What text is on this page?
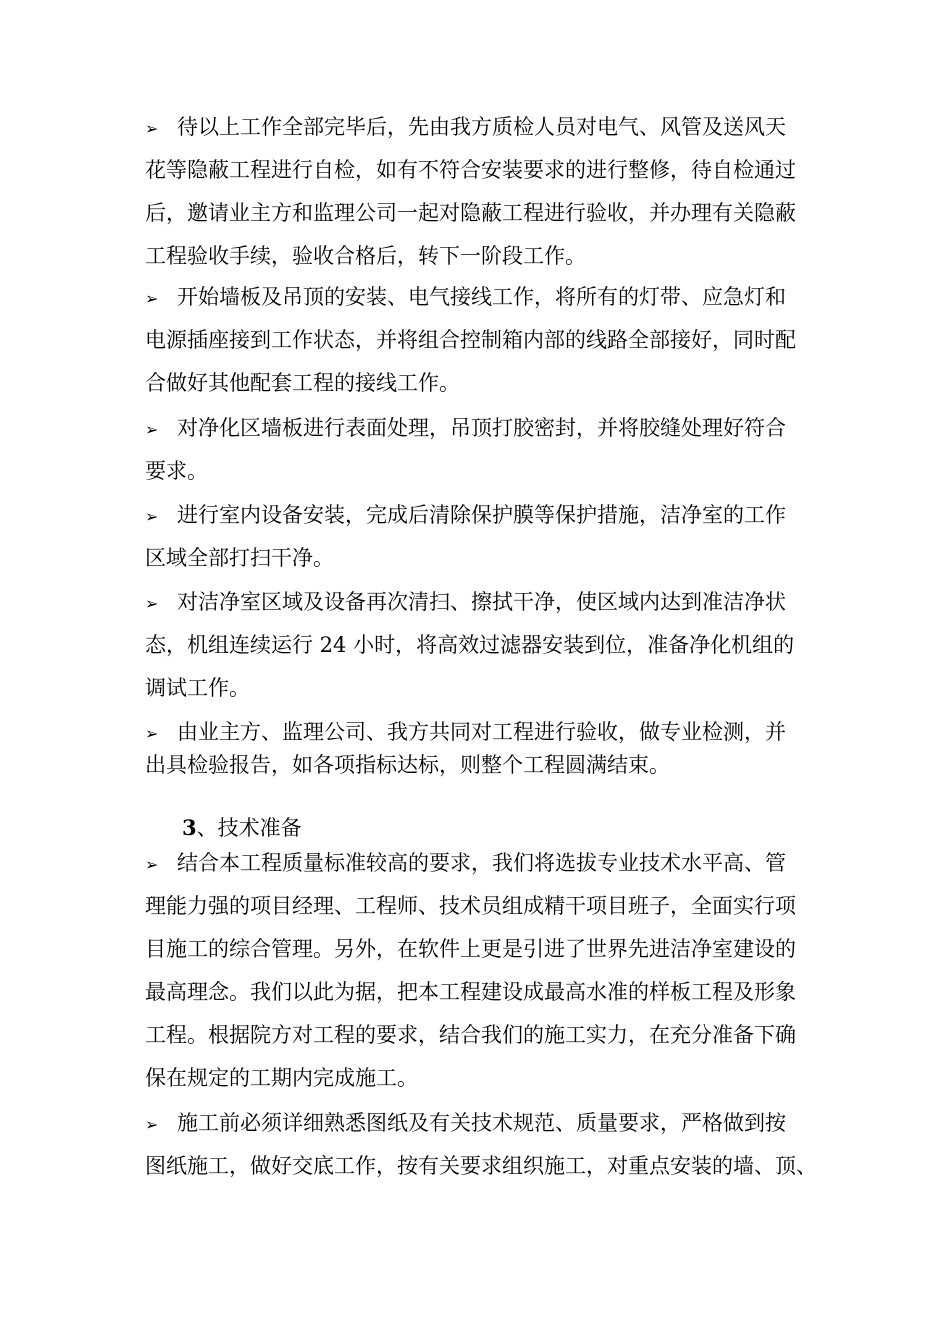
➢ 待以上工作全部完毕后，先由我方质检人员对电气、风管及送风天
花等隐蔽工程进行自检，如有不符合安装要求的进行整修，待自检通过
后，邀请业主方和监理公司一起对隐蔽工程进行验收，并办理有关隐蔽
工程验收手续，验收合格后，转下一阶段工作。
➢ 开始墙板及吊顶的安装、电气接线工作，将所有的灯带、应急灯和
电源插座接到工作状态，并将组合控制箱内部的线路全部接好，同时配
合做好其他配套工程的接线工作。
➢ 对净化区墙板进行表面处理，吊顶打胶密封，并将胶缝处理好符合
要求。
➢ 进行室内设备安装，完成后清除保护膜等保护措施，洁净室的工作
区域全部打扫干净。
➢ 对洁净室区域及设备再次清扫、擦拭干净，使区域内达到准洁净状
态，机组连续运行 24 小时，将高效过滤器安装到位，准备净化机组的
调试工作。
➢ 由业主方、监理公司、我方共同对工程进行验收，做专业检测，并
出具检验报告，如各项指标达标，则整个工程圆满结束。
3、技术准备
➢ 结合本工程质量标准较高的要求，我们将选拔专业技术水平高、管
理能力强的项目经理、工程师、技术员组成精干项目班子，全面实行项
目施工的综合管理。另外，在软件上更是引进了世界先进洁净室建设的
最高理念。我们以此为据，把本工程建设成最高水准的样板工程及形象
工程。根据院方对工程的要求，结合我们的施工实力，在充分准备下确
保在规定的工期内完成施工。
➢ 施工前必须详细熟悉图纸及有关技术规范、质量要求，严格做到按
图纸施工，做好交底工作，按有关要求组织施工，对重点安装的墙、顶、
